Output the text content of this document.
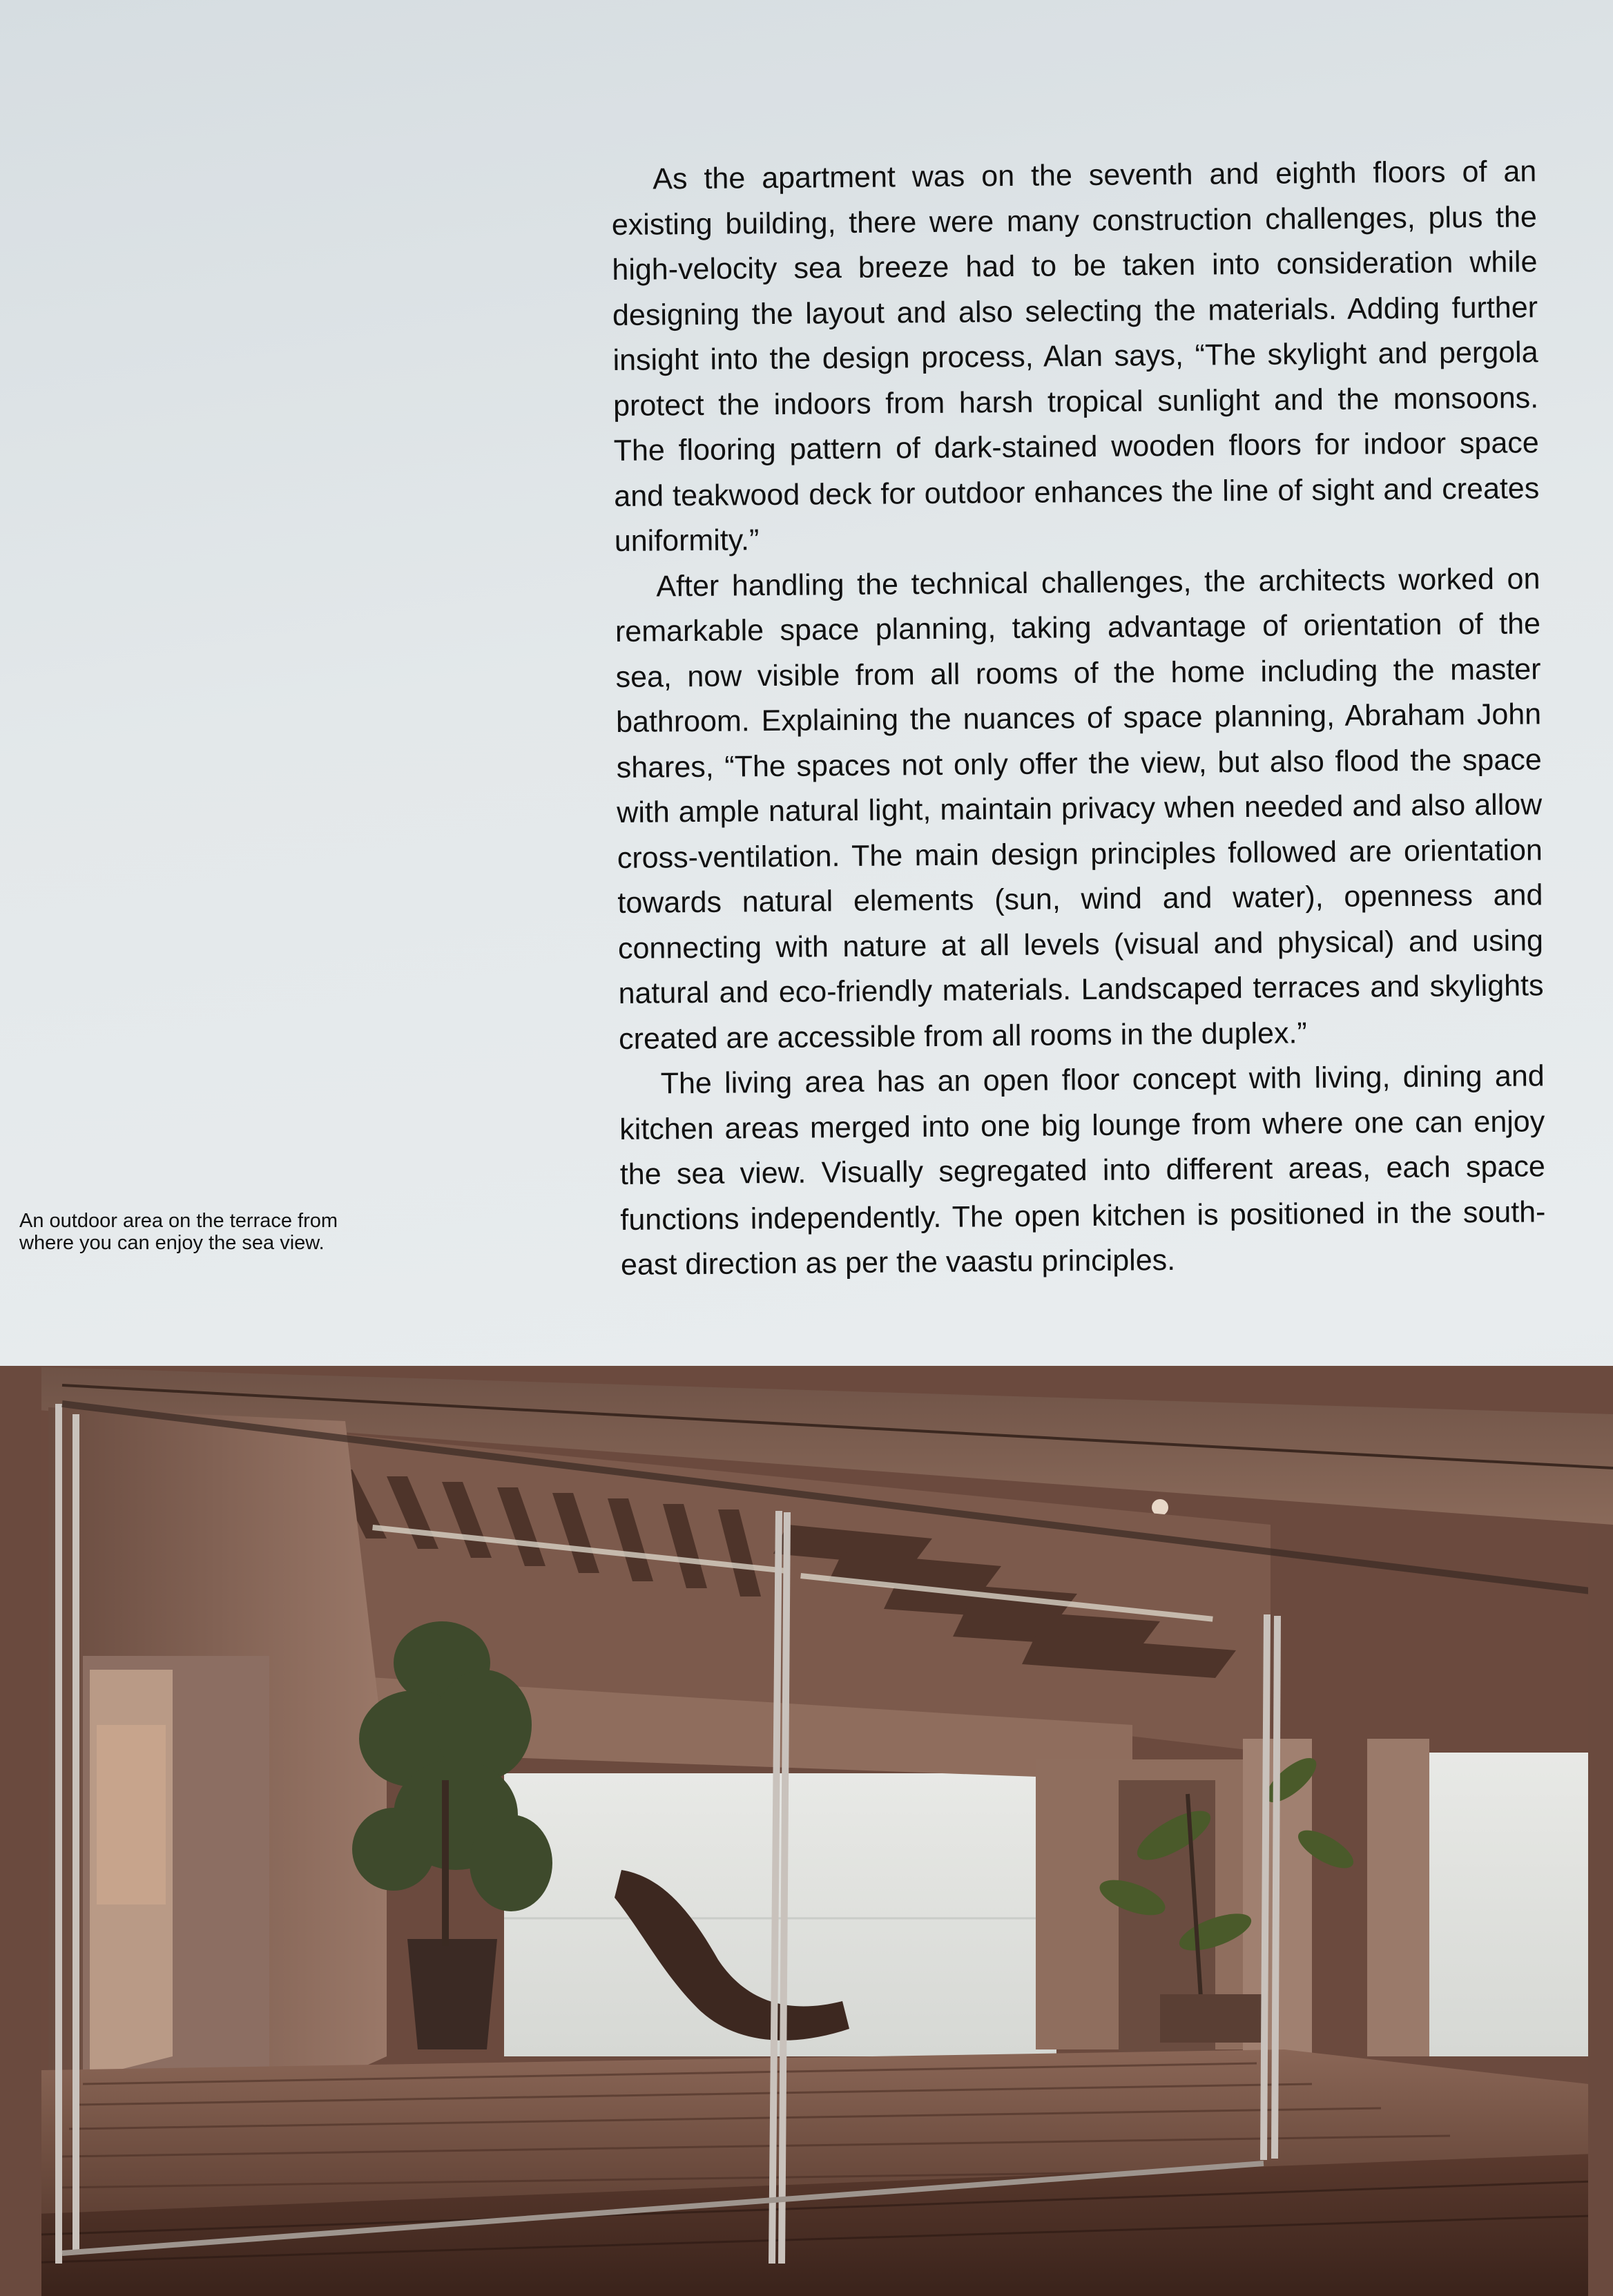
As the apartment was on the seventh and eighth floors of an existing building, there were many construction challenges, plus the high-velocity sea breeze had to be taken into consideration while designing the layout and also selecting the materials. Adding further insight into the design process, Alan says, “The skylight and pergola protect the indoors from harsh tropical sunlight and the monsoons. The flooring pattern of dark-stained wooden floors for indoor space and teakwood deck for outdoor enhances the line of sight and creates uniformity.”

After handling the technical challenges, the architects worked on remarkable space planning, taking advantage of orientation of the sea, now visible from all rooms of the home including the master bathroom. Explaining the nuances of space planning, Abraham John shares, “The spaces not only offer the view, but also flood the space with ample natural light, maintain privacy when needed and also allow cross-ventilation. The main design principles followed are orientation towards natural elements (sun, wind and water), openness and connecting with nature at all levels (visual and physical) and using natural and eco-friendly materials. Landscaped terraces and skylights created are accessible from all rooms in the duplex.”

The living area has an open floor concept with living, dining and kitchen areas merged into one big lounge from where one can enjoy the sea view. Visually segregated into different areas, each space functions independently. The open kitchen is positioned in the south-east direction as per the vaastu principles.

An outdoor area on the terrace from where you can enjoy the sea view.
